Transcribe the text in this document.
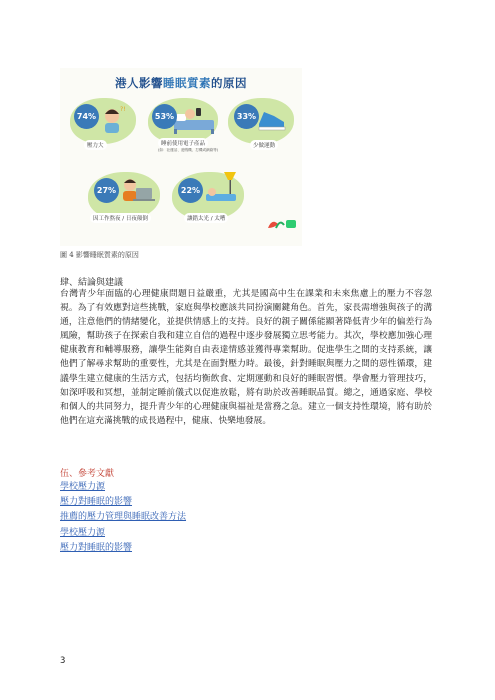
港人影響睡眠質素的原因
?!
74%
壓力大
53%
睡前使用電子產品
(如：社運活、遊戲機、打機或網絡等)
33%
少做運動
27%
因工作熬夜 / 日夜顛倒
22%
讓錯太光 / 太嘈
圖 4 影響睡眠質素的原因
肆、結論與建議
台灣青少年面臨的心理健康問題日益嚴重，尤其是國高中生在課業和未來焦慮上的壓力不容忽視。為了有效應對這些挑戰，家庭與學校應該共同扮演關鍵角色。首先，家長需增強與孩子的溝通，注意他們的情緒變化，並提供情感上的支持。良好的親子關係能顯著降低青少年的偏差行為風險，幫助孩子在探索自我和建立自信的過程中逐步發展獨立思考能力。其次，學校應加強心理健康教育和輔導服務，讓學生能夠自由表達情感並獲得專業幫助。促進學生之間的支持系統，讓他們了解尋求幫助的重要性，尤其是在面對壓力時。最後，針對睡眠與壓力之間的惡性循環，建議學生建立健康的生活方式，包括均衡飲食、定期運動和良好的睡眠習慣。學會壓力管理技巧，如深呼吸和冥想，並制定睡前儀式以促進放鬆，將有助於改善睡眠品質。總之，通過家庭、學校和個人的共同努力，提升青少年的心理健康與福祉是當務之急。建立一個支持性環境，將有助於他們在這充滿挑戰的成長過程中，健康、快樂地發展。
伍、參考文獻
學校壓力源
壓力對睡眠的影響
推薦的壓力管理與睡眠改善方法
學校壓力源
壓力對睡眠的影響
3
